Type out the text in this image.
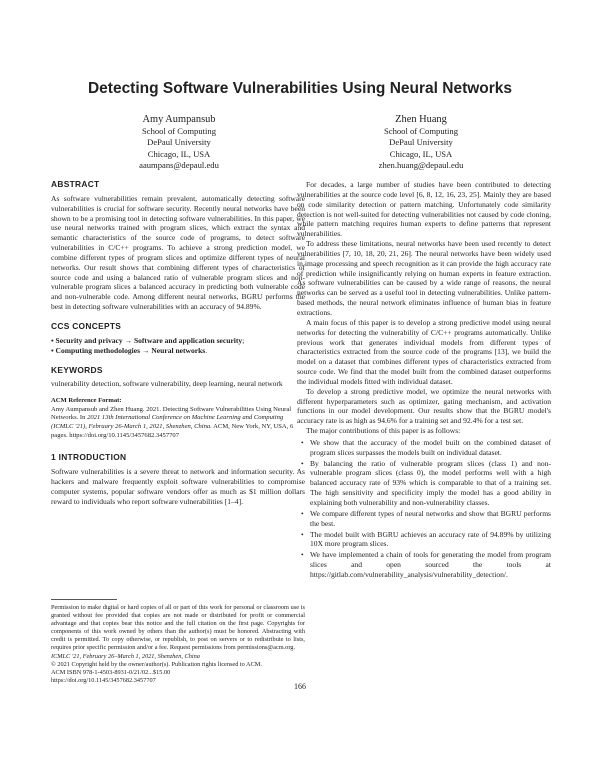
Detecting Software Vulnerabilities Using Neural Networks
Amy Aumpansub
School of Computing
DePaul University
Chicago, IL, USA
aaumpans@depaul.edu
Zhen Huang
School of Computing
DePaul University
Chicago, IL, USA
zhen.huang@depaul.edu
ABSTRACT

As software vulnerabilities remain prevalent, automatically detecting software vulnerabilities is crucial for software security. Recently neural networks have been shown to be a promising tool in detecting software vulnerabilities. In this paper, we use neural networks trained with program slices, which extract the syntax and semantic characteristics of the source code of programs, to detect software vulnerabilities in C/C++ programs. To achieve a strong prediction model, we combine different types of program slices and optimize different types of neural networks. Our result shows that combining different types of characteristics of source code and using a balanced ratio of vulnerable program slices and non-vulnerable program slices a balanced accuracy in predicting both vulnerable code and non-vulnerable code. Among different neural networks, BGRU performs the best in detecting software vulnerabilities with an accuracy of 94.89%.

CCS CONCEPTS
• Security and privacy → Software and application security;
• Computing methodologies → Neural networks.
KEYWORDS

vulnerability detection, software vulnerability, deep learning, neural network

ACM Reference Format:
Amy Aumpansub and Zhen Huang. 2021. Detecting Software Vulnerabilities Using Neural Networks. In 2021 13th International Conference on Machine Learning and Computing (ICMLC '21), February 26-March 1, 2021, Shenzhen, China. ACM, New York, NY, USA, 6 pages. https://doi.org/10.1145/3457682.3457707
1 INTRODUCTION

Software vulnerabilities is a severe threat to network and information security. As hackers and malware frequently exploit software vulnerabilities to compromise computer systems, popular software vendors offer as much as $1 million dollars reward to individuals who report software vulnerabilities [1–4].

Permission to make digital or hard copies of all or part of this work for personal or classroom use is granted without fee provided that copies are not made or distributed for profit or commercial advantage and that copies bear this notice and the full citation on the first page. Copyrights for components of this work owned by others than the author(s) must be honored. Abstracting with credit is permitted. To copy otherwise, or republish, to post on servers or to redistribute to lists, requires prior specific permission and/or a fee. Request permissions from permissions@acm.org.

ICMLC '21, February 26–March 1, 2021, Shenzhen, China

© 2021 Copyright held by the owner/author(s). Publication rights licensed to ACM.

ACM ISBN 978-1-4503-8931-0/21/02...$15.00

https://doi.org/10.1145/3457682.3457707

For decades, a large number of studies have been contributed to detecting vulnerabilities at the source code level [6, 8, 12, 16, 23, 25]. Mainly they are based on code similarity detection or pattern matching. Unfortunately code similarity detection is not well-suited for detecting vulnerabilities not caused by code cloning, while pattern matching requires human experts to define patterns that represent vulnerabilities.

To address these limitations, neural networks have been used recently to detect vulnerabilities [7, 10, 18, 20, 21, 26]. The neural networks have been widely used in image processing and speech recognition as it can provide the high accuracy rate of prediction while insignificantly relying on human experts in feature extraction. As software vulnerabilities can be caused by a wide range of reasons, the neural networks can be served as a useful tool in detecting vulnerabilities. Unlike pattern-based methods, the neural network eliminates influence of human bias in feature extractions.

A main focus of this paper is to develop a strong predictive model using neural networks for detecting the vulnerability of C/C++ programs automatically. Unlike previous work that generates individual models from different types of characteristics extracted from the source code of the programs [13], we build the model on a dataset that combines different types of characteristics extracted from source code. We find that the model built from the combined dataset outperforms the individual models fitted with individual dataset.

To develop a strong predictive model, we optimize the neural networks with different hyperparameters such as optimizer, gating mechanism, and activation functions in our model development. Our results show that the BGRU model's accuracy rate is as high as 94.6% for a training set and 92.4% for a test set.

The major contributions of this paper is as follows:

• We show that the accuracy of the model built on the combined dataset of program slices surpasses the models built on individual dataset.
• By balancing the ratio of vulnerable program slices (class 1) and non-vulnerable program slices (class 0), the model performs well with a high balanced accuracy rate of 93% which is comparable to that of a training set. The high sensitivity and specificity imply the model has a good ability in explaining both vulnerability and non-vulnerability classes.
• We compare different types of neural networks and show that BGRU performs the best.
• The model built with BGRU achieves an accuracy rate of 94.89% by utilizing 10X more program slices.
• We have implemented a chain of tools for generating the model from program slices and open sourced the tools at https://gitlab.com/vulnerability_analysis/vulnerability_detection/.
166
